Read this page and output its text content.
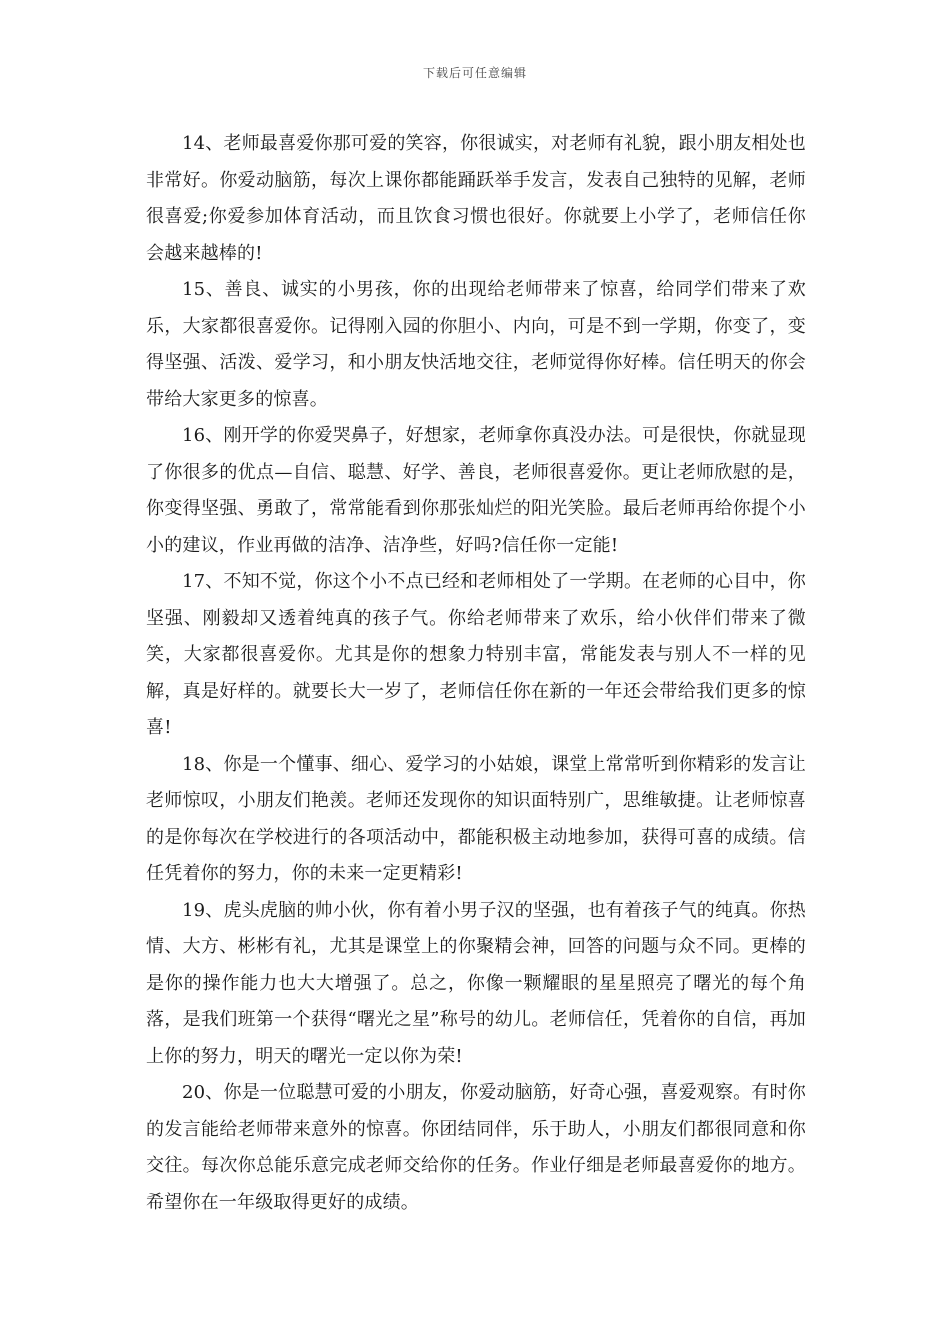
下载后可任意编辑

14、老师最喜爱你那可爱的笑容，你很诚实，对老师有礼貌，跟小朋友相处也非常好。你爱动脑筋，每次上课你都能踊跃举手发言，发表自己独特的见解，老师很喜爱;你爱参加体育活动，而且饮食习惯也很好。你就要上小学了，老师信任你会越来越棒的!

15、善良、诚实的小男孩，你的出现给老师带来了惊喜，给同学们带来了欢乐，大家都很喜爱你。记得刚入园的你胆小、内向，可是不到一学期，你变了，变得坚强、活泼、爱学习，和小朋友快活地交往，老师觉得你好棒。信任明天的你会带给大家更多的惊喜。

16、刚开学的你爱哭鼻子，好想家，老师拿你真没办法。可是很快，你就显现了你很多的优点—自信、聪慧、好学、善良，老师很喜爱你。更让老师欣慰的是，你变得坚强、勇敢了，常常能看到你那张灿烂的阳光笑脸。最后老师再给你提个小小的建议，作业再做的洁净、洁净些，好吗?信任你一定能!

17、不知不觉，你这个小不点已经和老师相处了一学期。在老师的心目中，你坚强、刚毅却又透着纯真的孩子气。你给老师带来了欢乐，给小伙伴们带来了微笑，大家都很喜爱你。尤其是你的想象力特别丰富，常能发表与别人不一样的见解，真是好样的。就要长大一岁了，老师信任你在新的一年还会带给我们更多的惊喜!

18、你是一个懂事、细心、爱学习的小姑娘，课堂上常常听到你精彩的发言让老师惊叹，小朋友们艳羡。老师还发现你的知识面特别广，思维敏捷。让老师惊喜的是你每次在学校进行的各项活动中，都能积极主动地参加，获得可喜的成绩。信任凭着你的努力，你的未来一定更精彩!

19、虎头虎脑的帅小伙，你有着小男子汉的坚强，也有着孩子气的纯真。你热情、大方、彬彬有礼，尤其是课堂上的你聚精会神，回答的问题与众不同。更棒的是你的操作能力也大大增强了。总之，你像一颗耀眼的星星照亮了曙光的每个角落，是我们班第一个获得“曙光之星”称号的幼儿。老师信任，凭着你的自信，再加上你的努力，明天的曙光一定以你为荣!

20、你是一位聪慧可爱的小朋友，你爱动脑筋，好奇心强，喜爱观察。有时你的发言能给老师带来意外的惊喜。你团结同伴，乐于助人，小朋友们都很同意和你交往。每次你总能乐意完成老师交给你的任务。作业仔细是老师最喜爱你的地方。希望你在一年级取得更好的成绩。
